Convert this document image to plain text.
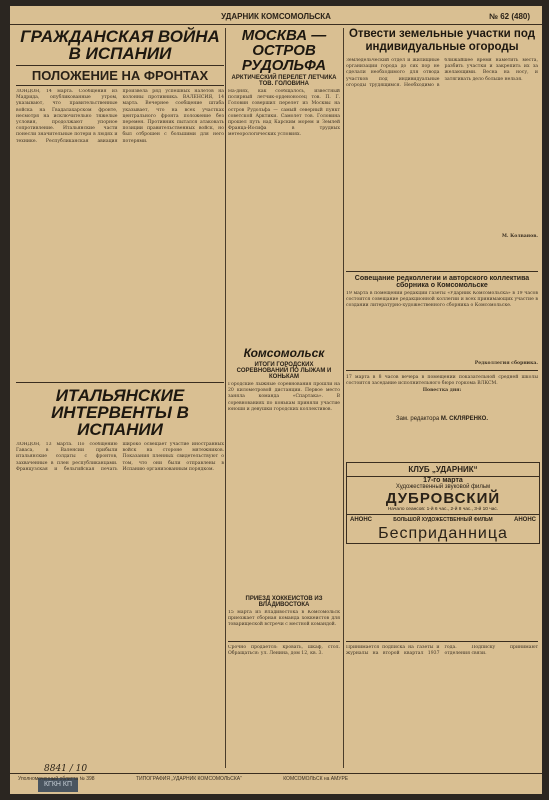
УДАРНИК КОМСОМОЛЬСКА	№ 62 (480)
ГРАЖДАНСКАЯ ВОЙНА В ИСПАНИИ
ПОЛОЖЕНИЕ НА ФРОНТАХ
ЛОНДОН, 14 марта. Сообщения из Мадрида, опубликованные утром, указывают, что правительственные войска на Гвадалахарском фронте, несмотря на исключительно тяжелые условия, продолжают упорное сопротивление. Итальянские части понесли значительные потери в людях и технике. Республиканская авиация произвела ряд успешных налетов на колонны противника. ВАЛЕНСИЯ, 14 марта. Вечернее сообщение штаба указывает, что на всех участках центрального фронта положение без перемен. Противник пытался атаковать позиции правительственных войск, но был отброшен с большими для него потерями.
ИТАЛЬЯНСКИЕ ИНТЕРВЕНТЫ В ИСПАНИИ
ЛОНДОН, 13 марта. По сообщению Гаваса, в Валенсии прибыли итальянские солдаты с фронтов, захваченные в плен республиканцами. Французская и бельгийская печать широко освещает участие иностранных войск на стороне мятежников. Показания пленных свидетельствуют о том, что они были отправлены в Испанию организованным порядком.
МОСКВА — ОСТРОВ РУДОЛЬФА
АРКТИЧЕСКИЙ ПЕРЕЛЕТ ЛЕТЧИКА ТОВ. ГОЛОВИНА
На-днях, как сообщалось, известный полярный летчик-орденоносец тов. П. Г. Головин совершил перелет из Москвы на остров Рудольфа — самый северный пункт советской Арктики. Самолет тов. Головина прошел путь над Карским морем и Землей Франца-Иосифа в трудных метеорологических условиях.
Комсомольск
ИТОГИ ГОРОДСКИХ СОРЕВНОВАНИЙ ПО ЛЫЖАМ И КОНЬКАМ
Городские лыжные соревнования прошли на 20 километровой дистанции. Первое место заняла команда «Спартака». В соревнованиях по конькам приняли участие юноши и девушки городских коллективов.
ПРИЕЗД ХОККЕИСТОВ ИЗ ВЛАДИВОСТОКА
15 марта из Владивостока в Комсомольск приезжает сборная команда хоккеистов для товарищеской встречи с местной командой.
Отвести земельные участки под индивидуальные огороды
Земледельческий отдел и жилищные организации города до сих пор не сделали необходимого для отвода участков под индивидуальные огороды трудящимся. Необходимо в ближайшее время наметить места, разбить участки и закрепить их за желающими. Весна на носу, и затягивать дело больше нельзя.
М. Колванов.
Совещание редколлегии и авторского коллектива сборника о Комсомольске
19 марта в помещении редакции газеты «Ударник Комсомольска» в 19 часов состоится совещание редакционной коллегии и всех принимающих участие в создании литературно-художественного сборника о Комсомольске.
Редколлегия сборника.
17 марта в 8 часов вечера в помещении показательной средней школы состоится заседание исполнительного бюро горкома ВЛКСМ.
Повестка дня:
Зам. редактора М. СКЛЯРЕНКО.
КЛУБ „УДАРНИК“
17-го марта
Художественный звуковой фильм
ДУБРОВСКИЙ
Начало сеансов: 1-й 6 час., 2-й 8 час., 3-й 10 час.
АНОНС	БОЛЬШОЙ ХУДОЖЕСТВЕННЫЙ ФИЛЬМ	АНОНС
Бесприданница
Срочно продается: кровать, шкаф, стол. Обращаться: ул. Ленина, дом 12, кв. 3.
Принимается подписка на газеты и журналы на второй квартал 1937 года. Подписку принимают отделения связи.
8841 / 10
КГКН КП
Уполномоченный облиттa № 398	ТИПОГРАФИЯ „УДАРНИК КОМСОМОЛЬСКА“	КОМСОМОЛЬСК на АМУРЕ
